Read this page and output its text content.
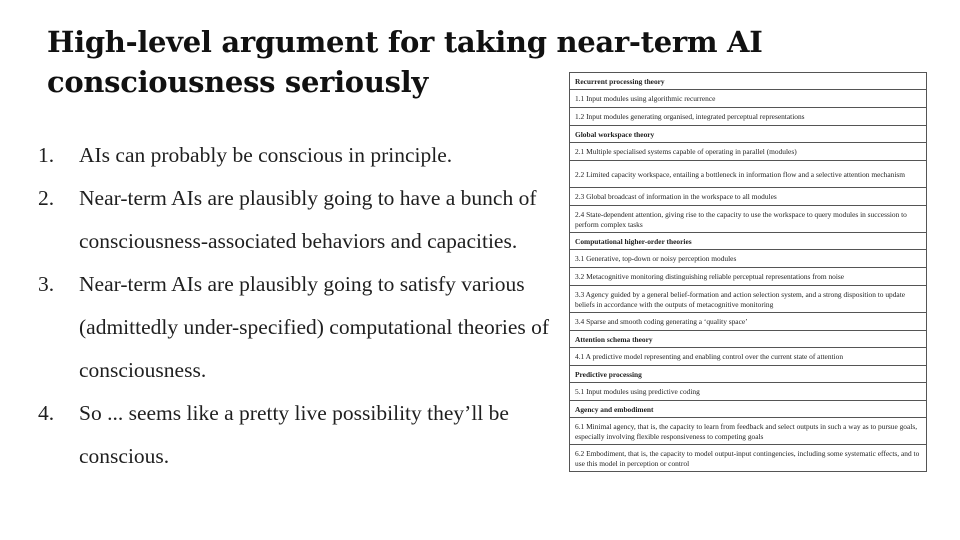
High-level argument for taking near-term AI consciousness seriously
1.	AIs can probably be conscious in principle.
2.	Near-term AIs are plausibly going to have a bunch of consciousness-associated behaviors and capacities.
3.	Near-term AIs are plausibly going to satisfy various (admittedly under-specified) computational theories of consciousness.
4.	So ... seems like a pretty live possibility they’ll be conscious.
Recurrent processing theory
1.1 Input modules using algorithmic recurrence
1.2 Input modules generating organised, integrated perceptual representations
Global workspace theory
2.1 Multiple specialised systems capable of operating in parallel (modules)
2.2 Limited capacity workspace, entailing a bottleneck in information flow and a selective attention mechanism
2.3 Global broadcast of information in the workspace to all modules
2.4 State-dependent attention, giving rise to the capacity to use the workspace to query modules in succession to perform complex tasks
Computational higher-order theories
3.1 Generative, top-down or noisy perception modules
3.2 Metacognitive monitoring distinguishing reliable perceptual representations from noise
3.3 Agency guided by a general belief-formation and action selection system, and a strong disposition to update beliefs in accordance with the outputs of metacognitive monitoring
3.4 Sparse and smooth coding generating a ‘quality space’
Attention schema theory
4.1 A predictive model representing and enabling control over the current state of attention
Predictive processing
5.1 Input modules using predictive coding
Agency and embodiment
6.1 Minimal agency, that is, the capacity to learn from feedback and select outputs in such a way as to pursue goals, especially involving flexible responsiveness to competing goals
6.2 Embodiment, that is, the capacity to model output-input contingencies, including some systematic effects, and to use this model in perception or control
